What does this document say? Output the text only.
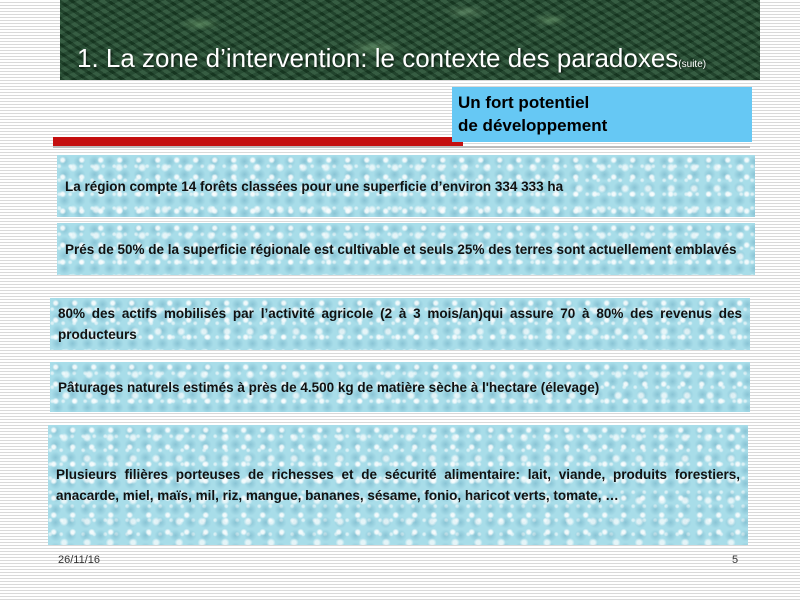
1. La zone d’intervention: le contexte des paradoxes(suite)
Un fort potentiel
de développement
La région compte 14 forêts classées pour une superficie d’environ 334 333 ha
Prés de 50% de la superficie régionale est cultivable et seuls 25% des terres sont actuellement emblavés
80% des actifs mobilisés par l’activité agricole (2 à 3 mois/an)qui assure 70 à 80% des revenus des producteurs
Pâturages naturels estimés à près de 4.500 kg de matière sèche à l'hectare (élevage)
Plusieurs filières porteuses de richesses et de sécurité alimentaire: lait, viande, produits forestiers, anacarde, miel, maïs, mil, riz, mangue, bananes, sésame, fonio, haricot verts, tomate, …
26/11/16	5
